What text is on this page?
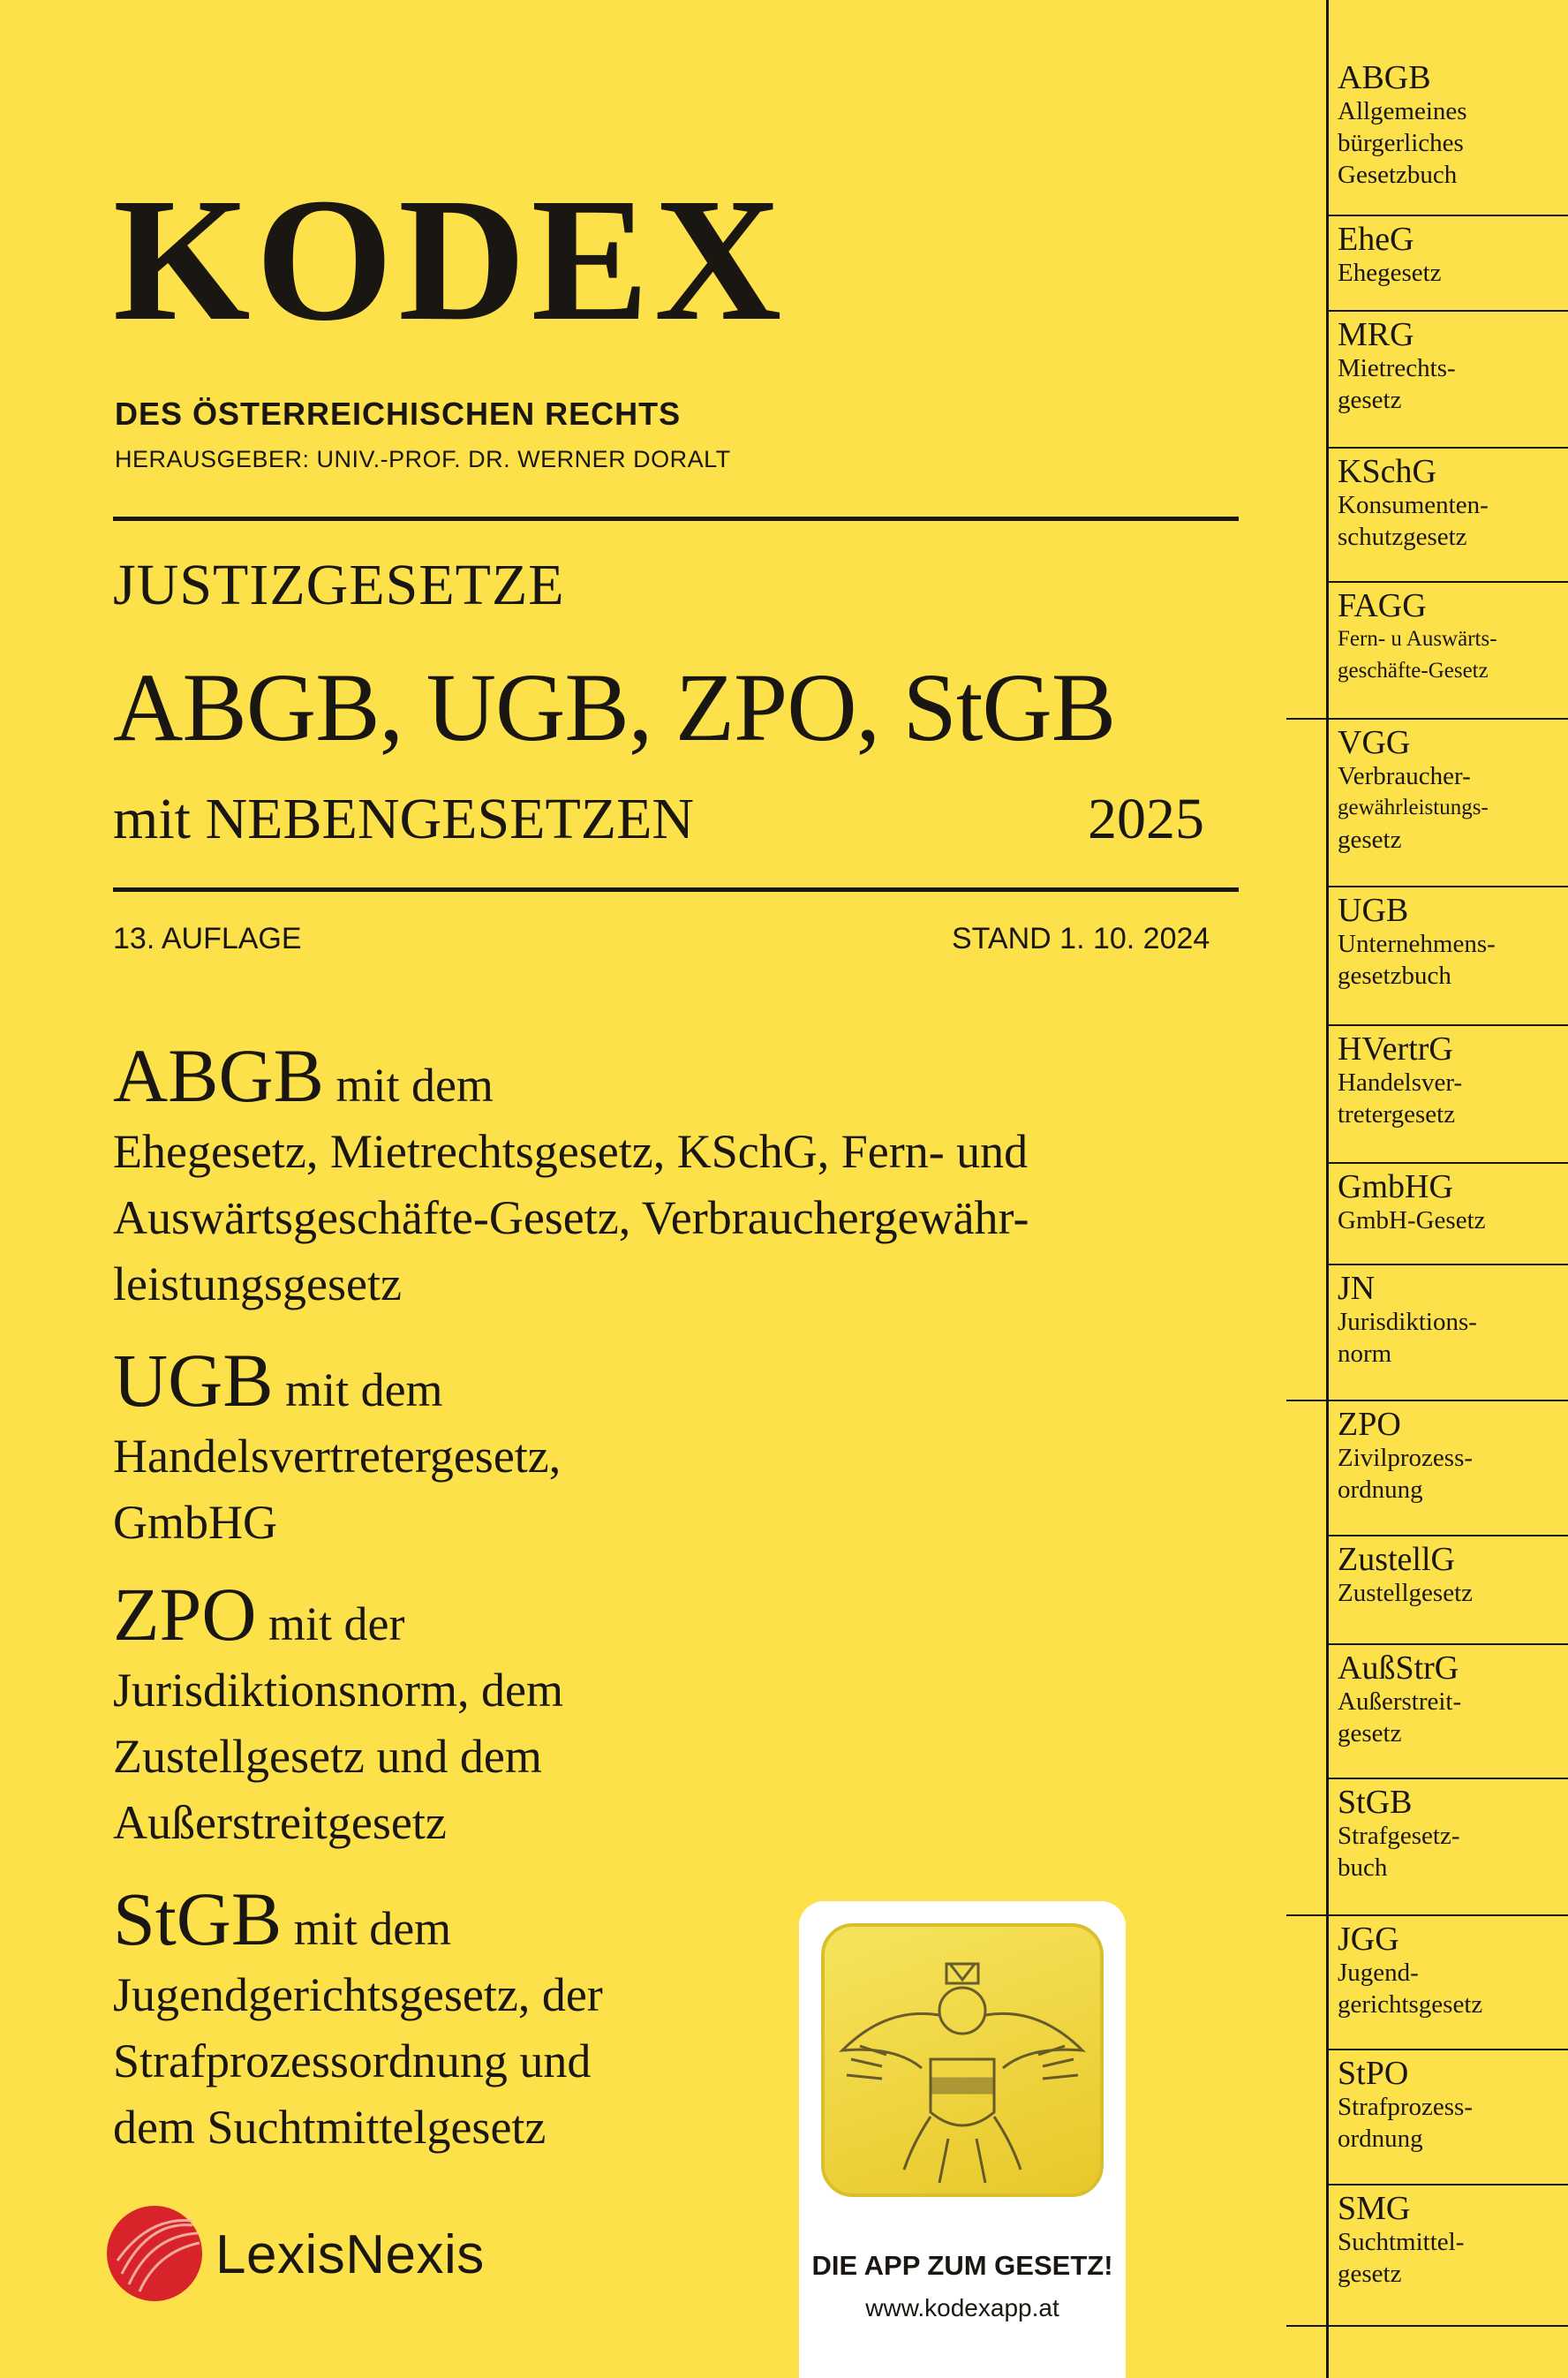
KODEX
DES ÖSTERREICHISCHEN RECHTS
HERAUSGEBER: UNIV.-PROF. DR. WERNER DORALT
JUSTIZGESETZE
ABGB, UGB, ZPO, StGB
mit NEBENGESETZEN	2025
13. AUFLAGE	STAND 1. 10. 2024
ABGB mit dem
Ehegesetz, Mietrechtsgesetz, KSchG, Fern- und
Auswärtsgeschäfte-Gesetz, Verbrauchergewähr-
leistungsgesetz
UGB mit dem
Handelsvertretergesetz,
GmbHG
ZPO mit der
Jurisdiktionsnorm, dem
Zustellgesetz und dem
Außerstreitgesetz
StGB mit dem
Jugendgerichtsgesetz, der
Strafprozessordnung und
dem Suchtmittelgesetz
ABGB
Allgemeines
bürgerliches
Gesetzbuch
EheG
Ehegesetz
MRG
Mietrechts-
gesetz
KSchG
Konsumenten-
schutzgesetz
FAGG
Fern- u Auswärts-
geschäfte-Gesetz
VGG
Verbraucher-
gewährleistungs-
gesetz
UGB
Unternehmens-
gesetzbuch
HVertrG
Handelsver-
tretergesetz
GmbHG
GmbH-Gesetz
JN
Jurisdiktions-
norm
ZPO
Zivilprozess-
ordnung
ZustellG
Zustellgesetz
AußStrG
Außerstreit-
gesetz
StGB
Strafgesetz-
buch
JGG
Jugend-
gerichtsgesetz
StPO
Strafprozess-
ordnung
SMG
Suchtmittel-
gesetz
DIE APP ZUM GESETZ!
www.kodexapp.at
LexisNexis
